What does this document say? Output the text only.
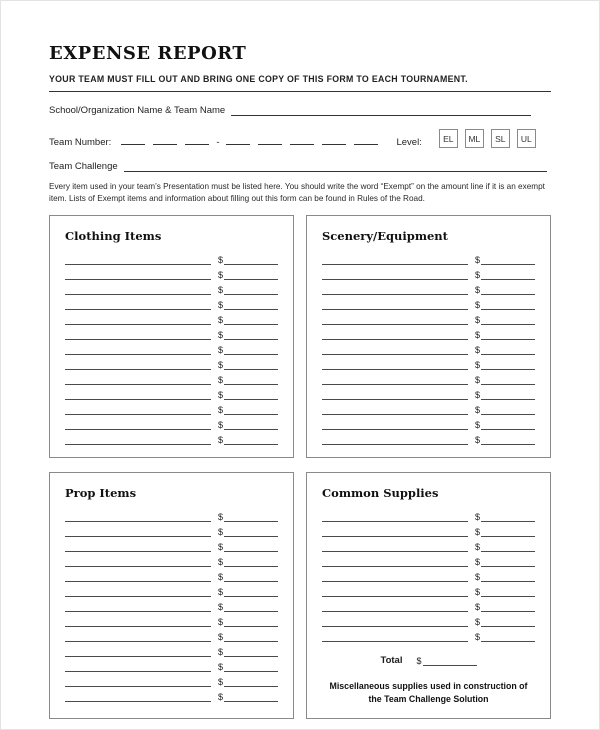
EXPENSE REPORT
YOUR TEAM MUST FILL OUT AND BRING ONE COPY OF THIS FORM TO EACH TOURNAMENT.
School/Organization Name & Team Name
Team Number:	-	Level:	EL	ML	SL	UL
Team Challenge
Every item used in your team’s Presentation must be listed here. You should write the word “Exempt” on the amount line if it is an exempt item. Lists of Exempt items and information about filling out this form can be found in Rules of the Road.
Clothing Items
$
$
$
$
$
$
$
$
$
$
$
$
$
Scenery/Equipment
$
$
$
$
$
$
$
$
$
$
$
$
$
Prop Items
$
$
$
$
$
$
$
$
$
$
$
$
$
Common Supplies
$
$
$
$
$
$
$
$
$
Total $
Miscellaneous supplies used in construction of the Team Challenge Solution
